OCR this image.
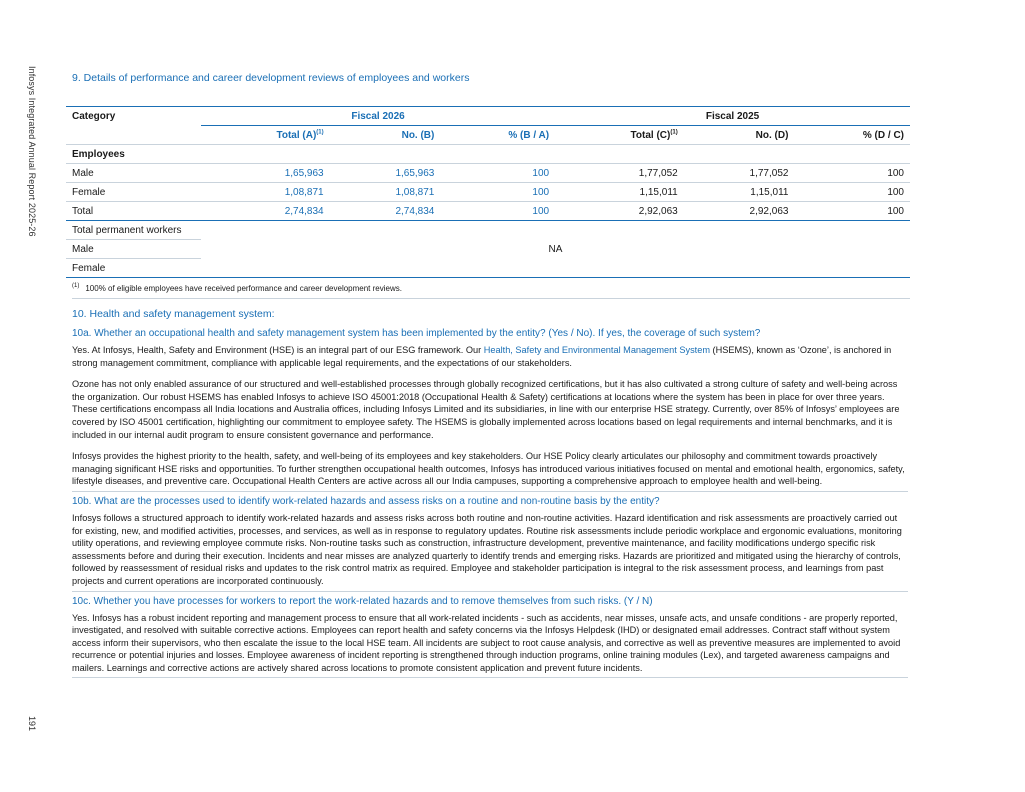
Infosys Integrated Annual Report 2025-26
191
9. Details of performance and career development reviews of employees and workers
Category	Fiscal 2026			Fiscal 2025		
	Total $(A)^{(1)}$	No. (B)	% (B / A)	Total $(C)^{(1)}$	No. (D)	% (D / C)
Employees						
Male	1,65,963	1,65,963	100	1,77,052	1,77,052	100
Female	1,08,871	1,08,871	100	1,15,011	1,15,011	100
Total	2,74,834	2,74,834	100	2,92,063	2,92,063	100
Total permanent workers	NA					
Male						
Female						
$^{(1)}$ 100% of eligible employees have received performance and career development reviews.
10. Health and safety management system:
10a. Whether an occupational health and safety management system has been implemented by the entity? (Yes / No). If yes, the coverage of such system?
Yes. At Infosys, Health, Safety and Environment (HSE) is an integral part of our ESG framework. Our Health, Safety and Environmental Management System (HSEMS), known as ‘Ozone’, is anchored in strong management commitment, compliance with applicable legal requirements, and the expectations of our stakeholders.
Ozone has not only enabled assurance of our structured and well-established processes through globally recognized certifications, but it has also cultivated a strong culture of safety and well-being across the organization. Our robust HSEMS has enabled Infosys to achieve ISO 45001:2018 (Occupational Health & Safety) certifications at locations where the system has been in place for over three years. These certifications encompass all India locations and Australia offices, including Infosys Limited and its subsidiaries, in line with our enterprise HSE strategy. Currently, over 85% of Infosys’ employees are covered by ISO 45001 certification, highlighting our commitment to employee safety. The HSEMS is globally implemented across locations based on legal requirements and internal benchmarks, and it is included in our internal audit program to ensure consistent governance and performance.
Infosys provides the highest priority to the health, safety, and well-being of its employees and key stakeholders. Our HSE Policy clearly articulates our philosophy and commitment towards proactively managing significant HSE risks and opportunities. To further strengthen occupational health outcomes, Infosys has introduced various initiatives focused on mental and emotional health, ergonomics, safety, lifestyle diseases, and preventive care. Occupational Health Centers are active across all our India campuses, supporting a comprehensive approach to employee health and well-being.
10b. What are the processes used to identify work-related hazards and assess risks on a routine and non-routine basis by the entity?
Infosys follows a structured approach to identify work-related hazards and assess risks across both routine and non-routine activities. Hazard identification and risk assessments are proactively carried out for existing, new, and modified activities, processes, and services, as well as in response to regulatory updates. Routine risk assessments include periodic workplace and ergonomic evaluations, monitoring utility operations, and reviewing employee commute risks. Non-routine tasks such as construction, infrastructure development, preventive maintenance, and facility modifications undergo specific risk assessments before and during their execution. Incidents and near misses are analyzed quarterly to identify trends and emerging risks. Hazards are prioritized and mitigated using the hierarchy of controls, followed by reassessment of residual risks and updates to the risk control matrix as required. Employee and stakeholder participation is integral to the risk assessment process, and learnings from past projects and current operations are incorporated continuously.
10c. Whether you have processes for workers to report the work-related hazards and to remove themselves from such risks. (Y / N)
Yes. Infosys has a robust incident reporting and management process to ensure that all work-related incidents - such as accidents, near misses, unsafe acts, and unsafe conditions - are properly reported, investigated, and resolved with suitable corrective actions. Employees can report health and safety concerns via the Infosys Helpdesk (IHD) or designated email addresses. Contract staff without system access inform their supervisors, who then escalate the issue to the local HSE team. All incidents are subject to root cause analysis, and corrective as well as preventive measures are implemented to avoid recurrence or potential injuries and losses. Employee awareness of incident reporting is strengthened through induction programs, online training modules (Lex), and targeted awareness campaigns and mailers. Learnings and corrective actions are actively shared across locations to promote consistent application and prevent future incidents.
